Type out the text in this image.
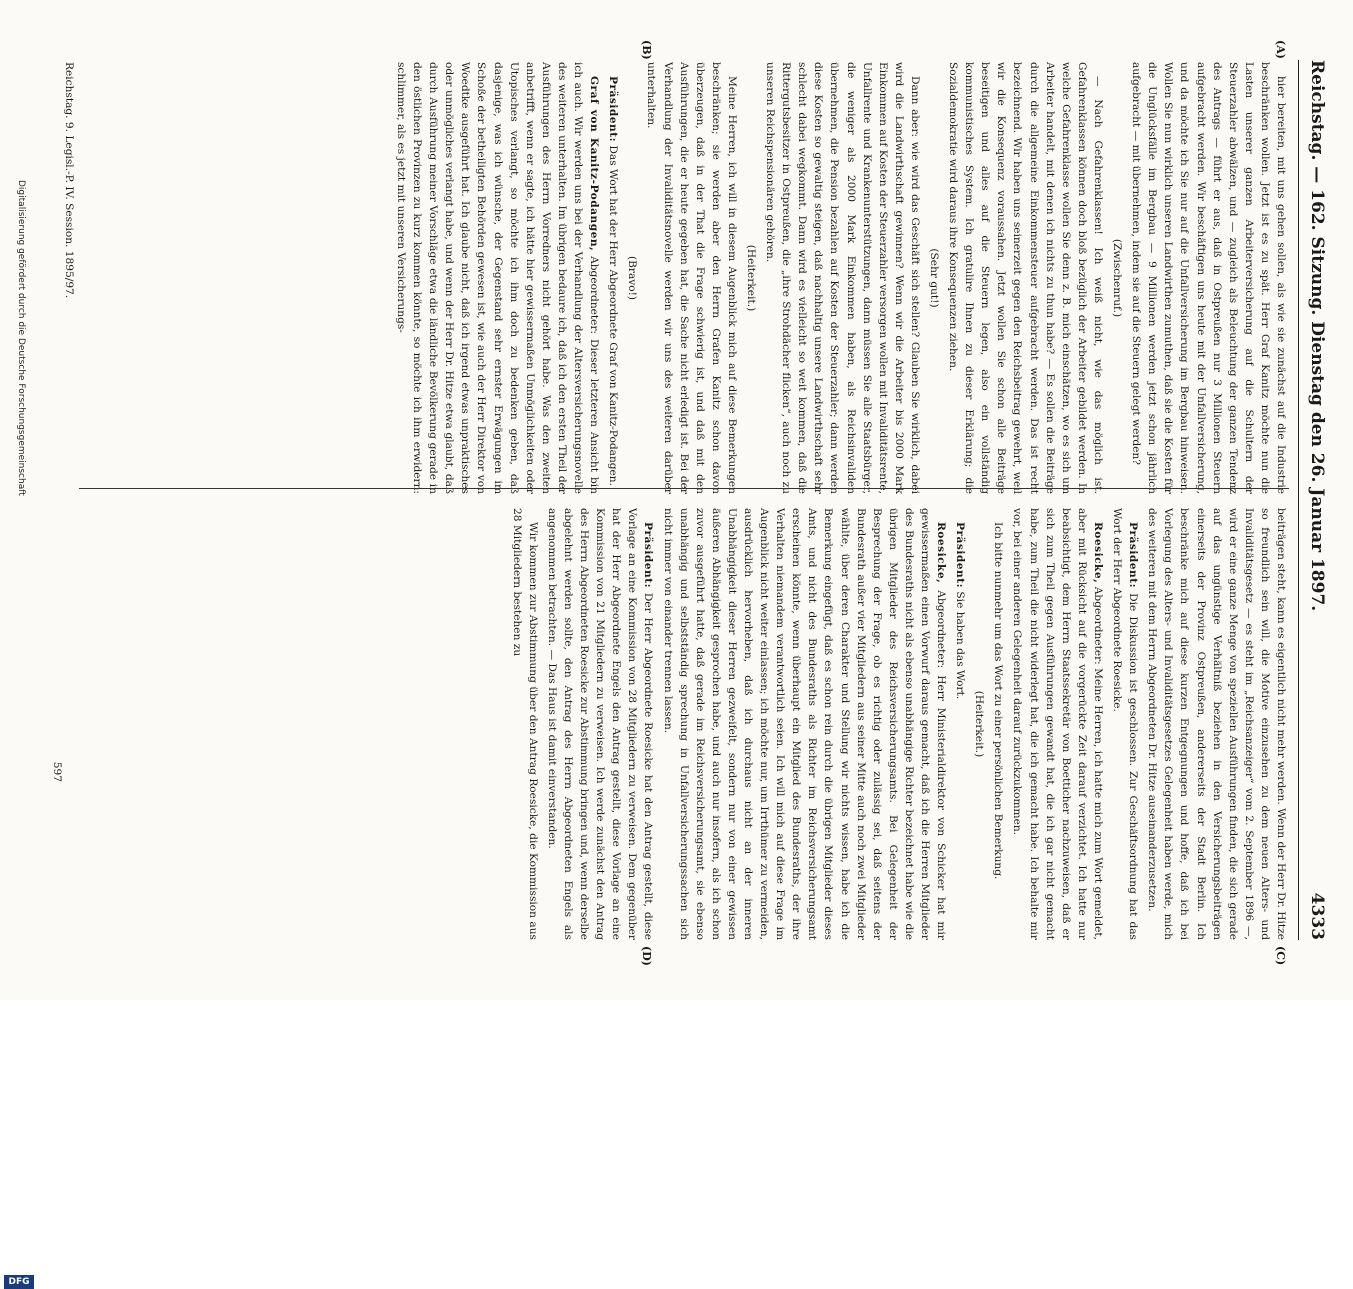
Reichstag. — 162. Sitzung. Dienstag den 26. Januar 1897.
4333
(A)
(B)
(C)
(D)

hier bereiten, mit uns gehen sollen, als wie sie zunächst auf die Industrie beschränken wollen. Jetzt ist es zu spät. Herr Graf Kanitz möchte nun die Lasten unserer ganzen Arbeiterversicherung auf die Schultern der Steuerzahler abwälzen, und — zugleich als Beleuchtung der ganzen Tendenz des Antrags — führt er aus, daß in Ostpreußen nur 3 Millionen Steuern aufgebracht werden. Wir beschäftigen uns heute mit der Unfallversicherung, und da möchte ich Sie nur auf die Unfallversicherung im Bergbau hinweisen. Wollen Sie nun wirklich unseren Landwirthen zumuthen, daß sie die Kosten für die Unglücksfälle im Bergbau — 9 Millionen werden jetzt schon jährlich aufgebracht — mit übernehmen, indem sie auf die Steuern gelegt werden?

(Zwischenruf.)

— Nach Gefahrenklassen! Ich weiß nicht, wie das möglich ist. Gefahrenklassen können doch bloß bezüglich der Arbeiter gebildet werden. In welche Gefahrenklasse wollen Sie denn z. B. mich einschätzen, wo es sich um Arbeiter handelt, mit denen ich nichts zu thun habe? — Es sollen die Beiträge durch die allgemeine Einkommensteuer aufgebracht werden. Das ist recht bezeichnend. Wir haben uns seinerzeit gegen den Reichsbeitrag gewehrt, weil wir die Konsequenz voraussahen. Jetzt wollen Sie schon alle Beiträge beseitigen und alles auf die Steuern legen, also ein vollständig kommunistisches System. Ich gratulire Ihnen zu dieser Erklärung; die Sozialdemokratie wird daraus ihre Konsequenzen ziehen.

(Sehr gut!)

Dann aber: wie wird das Geschäft sich stellen? Glauben Sie wirklich, dabei wird die Landwirthschaft gewinnen? Wenn wir die Arbeiter bis 2000 Mark Einkommen auf Kosten der Steuerzahler versorgen wollen mit Invaliditätsrente, Unfallrente und Krankenunterstützungen, dann müssen Sie alle Staatsbürger, die weniger als 2000 Mark Einkommen haben, als Reichsinvaliden übernehmen, die Pension bezahlen auf Kosten der Steuerzahler; dann werden diese Kosten so gewaltig steigen, daß nachhaltig unsere Landwirthschaft sehr schlecht dabei wegkommt. Dann wird es vielleicht so weit kommen, daß die Rittergutsbesitzer in Ostpreußen, die „ihre Strohdächer flicken“, auch noch zu unseren Reichspensionären gehören.

(Heiterkeit.)

Meine Herren, ich will in diesem Augenblick mich auf diese Bemerkungen beschränken; sie werden aber den Herrn Grafen Kanitz schon davon überzeugen, daß in der That die Frage schwierig ist, und daß mit den Ausführungen, die er heute gegeben hat, die Sache nicht erledigt ist. Bei der Verhandlung der Invaliditätsnovelle werden wir uns des weiteren darüber unterhalten.

(Bravo!)

Präsident: Das Wort hat der Herr Abgeordnete Graf von Kanitz-Podangen.

Graf von Kanitz-Podangen, Abgeordneter: Dieser letzteren Ansicht bin ich auch. Wir werden uns bei der Verhandlung der Altersversicherungsnovelle des weiteren unterhalten. Im übrigen bedaure ich, daß ich den ersten Theil der Ausführungen des Herrn Vorredners nicht gehört habe. Was den zweiten anbetrifft, wenn er sagte, ich hätte hier gewissermaßen Unmöglichkeiten oder Utopisches verlangt, so möchte ich ihm doch zu bedenken geben, daß dasjenige, was ich wünsche, der Gegenstand sehr ernster Erwägungen im Schoße der betheiligten Behörden gewesen ist, wie auch der Herr Direktor von Woedtke ausgeführt hat. Ich glaube nicht, daß ich irgend etwas unpraktisches oder unmögliches verlangt habe, und wenn der Herr Dr. Hitze etwa glaubt, daß durch Ausführung meiner Vorschläge etwa die ländliche Bevölkerung gerade in den östlichen Provinzen zu kurz kommen könnte, so möchte ich ihm erwidern: schlimmer, als es jetzt mit unseren Versicherungs-

beiträgen steht, kann es eigentlich nicht mehr werden. Wenn der Herr Dr. Hitze so freundlich sein will, die Motive einzusehen zu dem neuen Alters- und Invaliditätsgesetz — es steht im „Reichsanzeiger“ vom 2. September 1896 —, wird er eine ganze Menge von speziellen Ausführungen finden, die sich gerade auf das ungünstige Verhältniß beziehen in den Versicherungsbeiträgen einerseits der Provinz Ostpreußen, andererseits der Stadt Berlin. Ich beschränke mich auf diese kurzen Entgegnungen und hoffe, daß ich bei Vorlegung des Alters- und Invaliditätsgesetzes Gelegenheit haben werde, mich des weiteren mit dem Herrn Abgeordneten Dr. Hitze auseinanderzusetzen.

Präsident: Die Diskussion ist geschlossen. Zur Geschäftsordnung hat das Wort der Herr Abgeordnete Roesicke.

Roesicke, Abgeordneter: Meine Herren, ich hatte mich zum Wort gemeldet, aber mit Rücksicht auf die vorgerückte Zeit darauf verzichtet. Ich hatte nur beabsichtigt, dem Herrn Staatssekretär von Boetticher nachzuweisen, daß er sich zum Theil gegen Ausführungen gewandt hat, die ich gar nicht gemacht habe, zum Theil die nicht widerlegt hat, die ich gemacht habe. Ich behalte mir vor, bei einer anderen Gelegenheit darauf zurückzukommen.

Ich bitte nunmehr um das Wort zu einer persönlichen Bemerkung.

(Heiterkeit.)

Präsident: Sie haben das Wort.

Roesicke, Abgeordneter: Herr Ministerialdirektor von Schicker hat mir gewissermaßen einen Vorwurf daraus gemacht, daß ich die Herren Mitglieder des Bundesraths nicht als ebenso unabhängige Richter bezeichnet habe wie die übrigen Mitglieder des Reichsversicherungsamts. Bei Gelegenheit der Besprechung der Frage, ob es richtig oder zulässig sei, daß seitens der Bundesrath außer vier Mitgliedern aus seiner Mitte auch noch zwei Mitglieder wählte, über deren Charakter und Stellung wir nichts wissen, habe ich die Bemerkung eingefügt, daß es schon rein durch die übrigen Mitglieder dieses Amts, und nicht des Bundesraths als Richter im Reichsversicherungsamt erscheinen könnte, wenn überhaupt ein Mitglied des Bundesraths, der ihre Verhalten niemandem verantwortlich seien. Ich will mich auf diese Frage im Augenblick nicht weiter einlassen; ich möchte nur, um Irrthümer zu vermeiden, ausdrücklich hervorheben, daß ich durchaus nicht an der inneren Unabhängigkeit dieser Herren gezweifelt, sondern nur von einer gewissen äußeren Abhängigkeit gesprochen habe, und auch nur insofern, als ich schon zuvor ausgeführt hatte, daß gerade im Reichsversicherungsamt, sie ebenso unabhängig und selbstständig sprechung in Unfallversicherungssachen sich nicht immer von einander trennen lassen.

Präsident: Der Herr Abgeordnete Roesicke hat den Antrag gestellt, diese Vorlage an eine Kommission von 28 Mitgliedern zu verweisen. Dem gegenüber hat der Herr Abgeordnete Engels den Antrag gestellt, diese Vorlage an eine Kommission von 21 Mitgliedern zu verweisen. Ich werde zunächst den Antrag des Herrn Abgeordneten Roesicke zur Abstimmung bringen und, wenn derselbe abgelehnt werden sollte, den Antrag des Herrn Abgeordneten Engels als angenommen betrachten. — Das Haus ist damit einverstanden.

Wir kommen zur Abstimmung über den Antrag Roesicke, die Kommission aus 28 Mitgliedern bestehen zu

Reichstag. 9. Legisl.-P. IV. Session. 1895/97.
597
Digitalisierung gefördert durch die Deutsche Forschungsgemeinschaft
DFG
